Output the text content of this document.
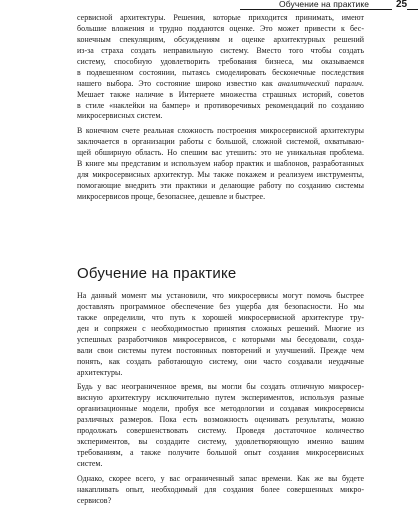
Обучение на практике	25
сервисной архитектуры. Решения, которые приходится принимать, имеют
большие вложения и трудно поддаются оценке. Это может привести к бес-
конечным спекуляциям, обсуждениям и оценке архитектурных решений
из-за страха создать неправильную систему. Вместо того чтобы создать
систему, способную удовлетворить требования бизнеса, мы оказываемся
в подвешенном состоянии, пытаясь смоделировать бесконечные последствия
нашего выбора. Это состояние широко известно как аналитический паралич.
Мешает также наличие в Интернете множества страшных историй, советов
в стиле «наклейки на бампер» и противоречивых рекомендаций по созданию
микросервисных систем.
В конечном счете реальная сложность построения микросервисной архитектуры
заключается в организации работы с большой, сложной системой, охватываю-
щей обширную область. Но спешим вас утешить: это не уникальная проблема.
В книге мы представим и используем набор практик и шаблонов, разработанных
для микросервисных архитектур. Мы также покажем и реализуем инструменты,
помогающие внедрить эти практики и делающие работу по созданию системы
микросервисов проще, безопаснее, дешевле и быстрее.
Обучение на практике
На данный момент мы установили, что микросервисы могут помочь быстрее
доставлять программное обеспечение без ущерба для безопасности. Но мы
также определили, что путь к хорошей микросервисной архитектуре тру-
ден и сопряжен с необходимостью принятия сложных решений. Многие из
успешных разработчиков микросервисов, с которыми мы беседовали, созда-
вали свои системы путем постоянных повторений и улучшений. Прежде чем
понять, как создать работающую систему, они часто создавали неудачные
архитектуры.
Будь у вас неограниченное время, вы могли бы создать отличную микросер-
висную архитектуру исключительно путем экспериментов, используя разные
организационные модели, пробуя все методологии и создавая микросервисы
различных размеров. Пока есть возможность оценивать результаты, можно
продолжать совершенствовать систему. Проведя достаточное количество
экспериментов, вы создадите систему, удовлетворяющую именно вашим
требованиям, а также получите большой опыт создания микросервисных
систем.
Однако, скорее всего, у вас ограниченный запас времени. Как же вы будете
накапливать опыт, необходимый для создания более совершенных микро-
сервисов?
